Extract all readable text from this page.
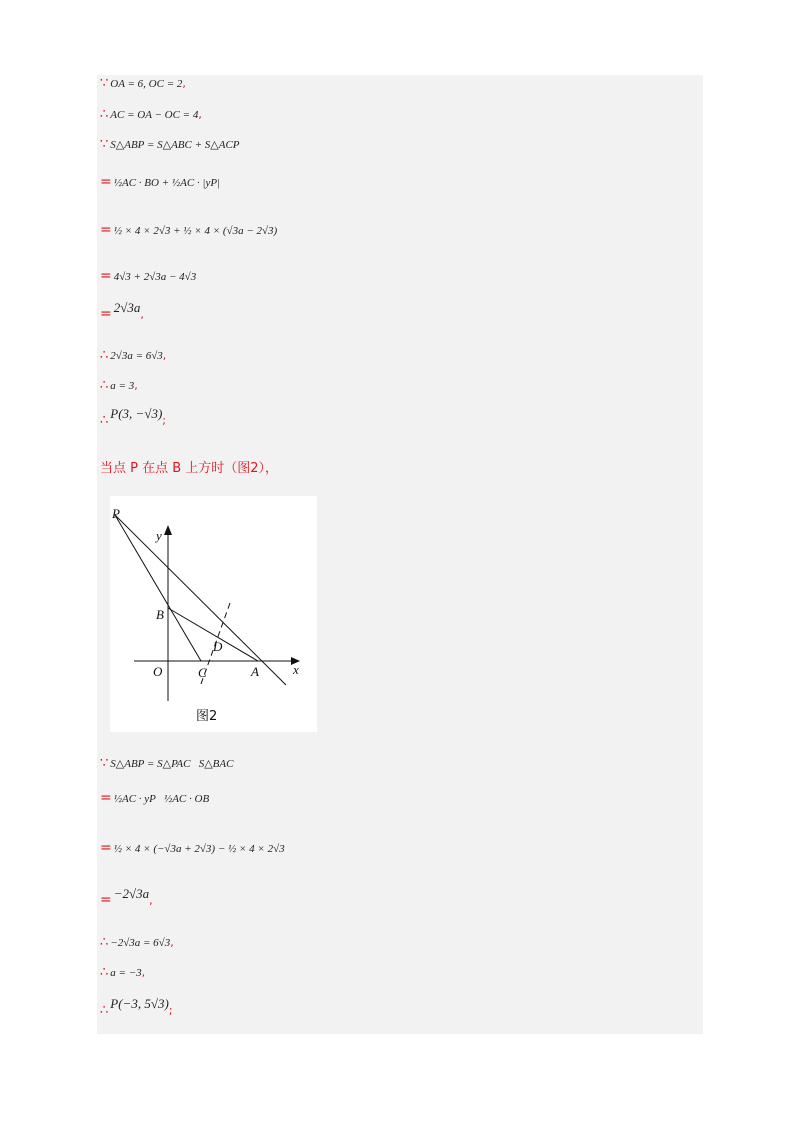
∵ OA = 6, OC = 2,
∴ AC = OA − OC = 4,
∵ S△ABP = S△ABC + S△ACP
= ½AC · BO + ½AC · |yP|
= ½ × 4 × 2√3 + ½ × 4 × (√3a − 2√3)
= 4√3 + 2√3a − 4√3
= 2√3a,
∴ 2√3a = 6√3,
∴ a = 3,
∴ P(3, −√3);
当点 P 在点 B 上方时（图2），
P
y
B
D
O	C	A	x
图2
∵ S△ABP = S△PAC   S△BAC
= ½AC · yP   ½AC · OB
= ½ × 4 × (−√3a + 2√3) − ½ × 4 × 2√3
= −2√3a,
∴ −2√3a = 6√3,
∴ a = −3,
∴ P(−3, 5√3);
